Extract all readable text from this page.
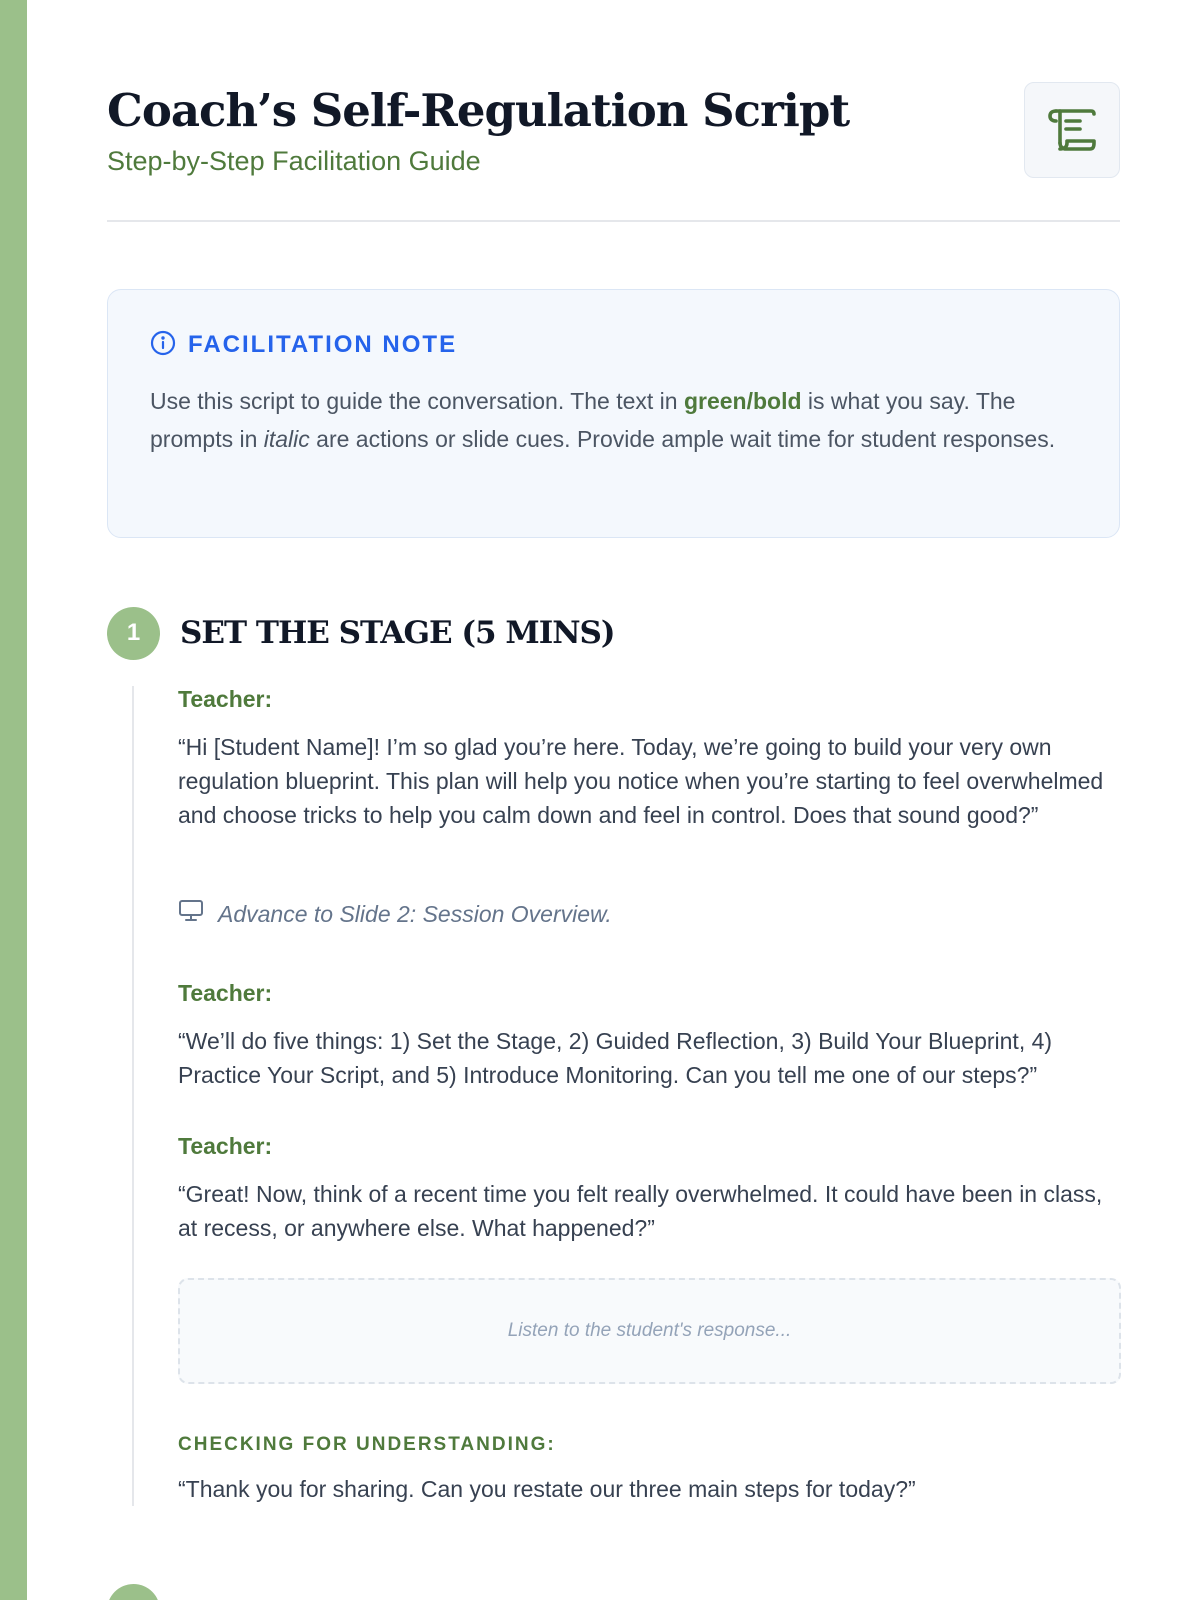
Coach’s Self-Regulation Script
Step-by-Step Facilitation Guide
FACILITATION NOTE

Use this script to guide the conversation. The text in green/bold is what you say. The prompts in italic are actions or slide cues. Provide ample wait time for student responses.

1	SET THE STAGE (5 MINS)
Teacher:

“Hi [Student Name]! I’m so glad you’re here. Today, we’re going to build your very own regulation blueprint. This plan will help you notice when you’re starting to feel overwhelmed and choose tricks to help you calm down and feel in control. Does that sound good?”

Advance to Slide 2: Session Overview.
Teacher:

“We’ll do five things: 1) Set the Stage, 2) Guided Reflection, 3) Build Your Blueprint, 4) Practice Your Script, and 5) Introduce Monitoring. Can you tell me one of our steps?”

Teacher:

“Great! Now, think of a recent time you felt really overwhelmed. It could have been in class, at recess, or anywhere else. What happened?”

Listen to the student's response...
CHECKING FOR UNDERSTANDING:

“Thank you for sharing. Can you restate our three main steps for today?”
